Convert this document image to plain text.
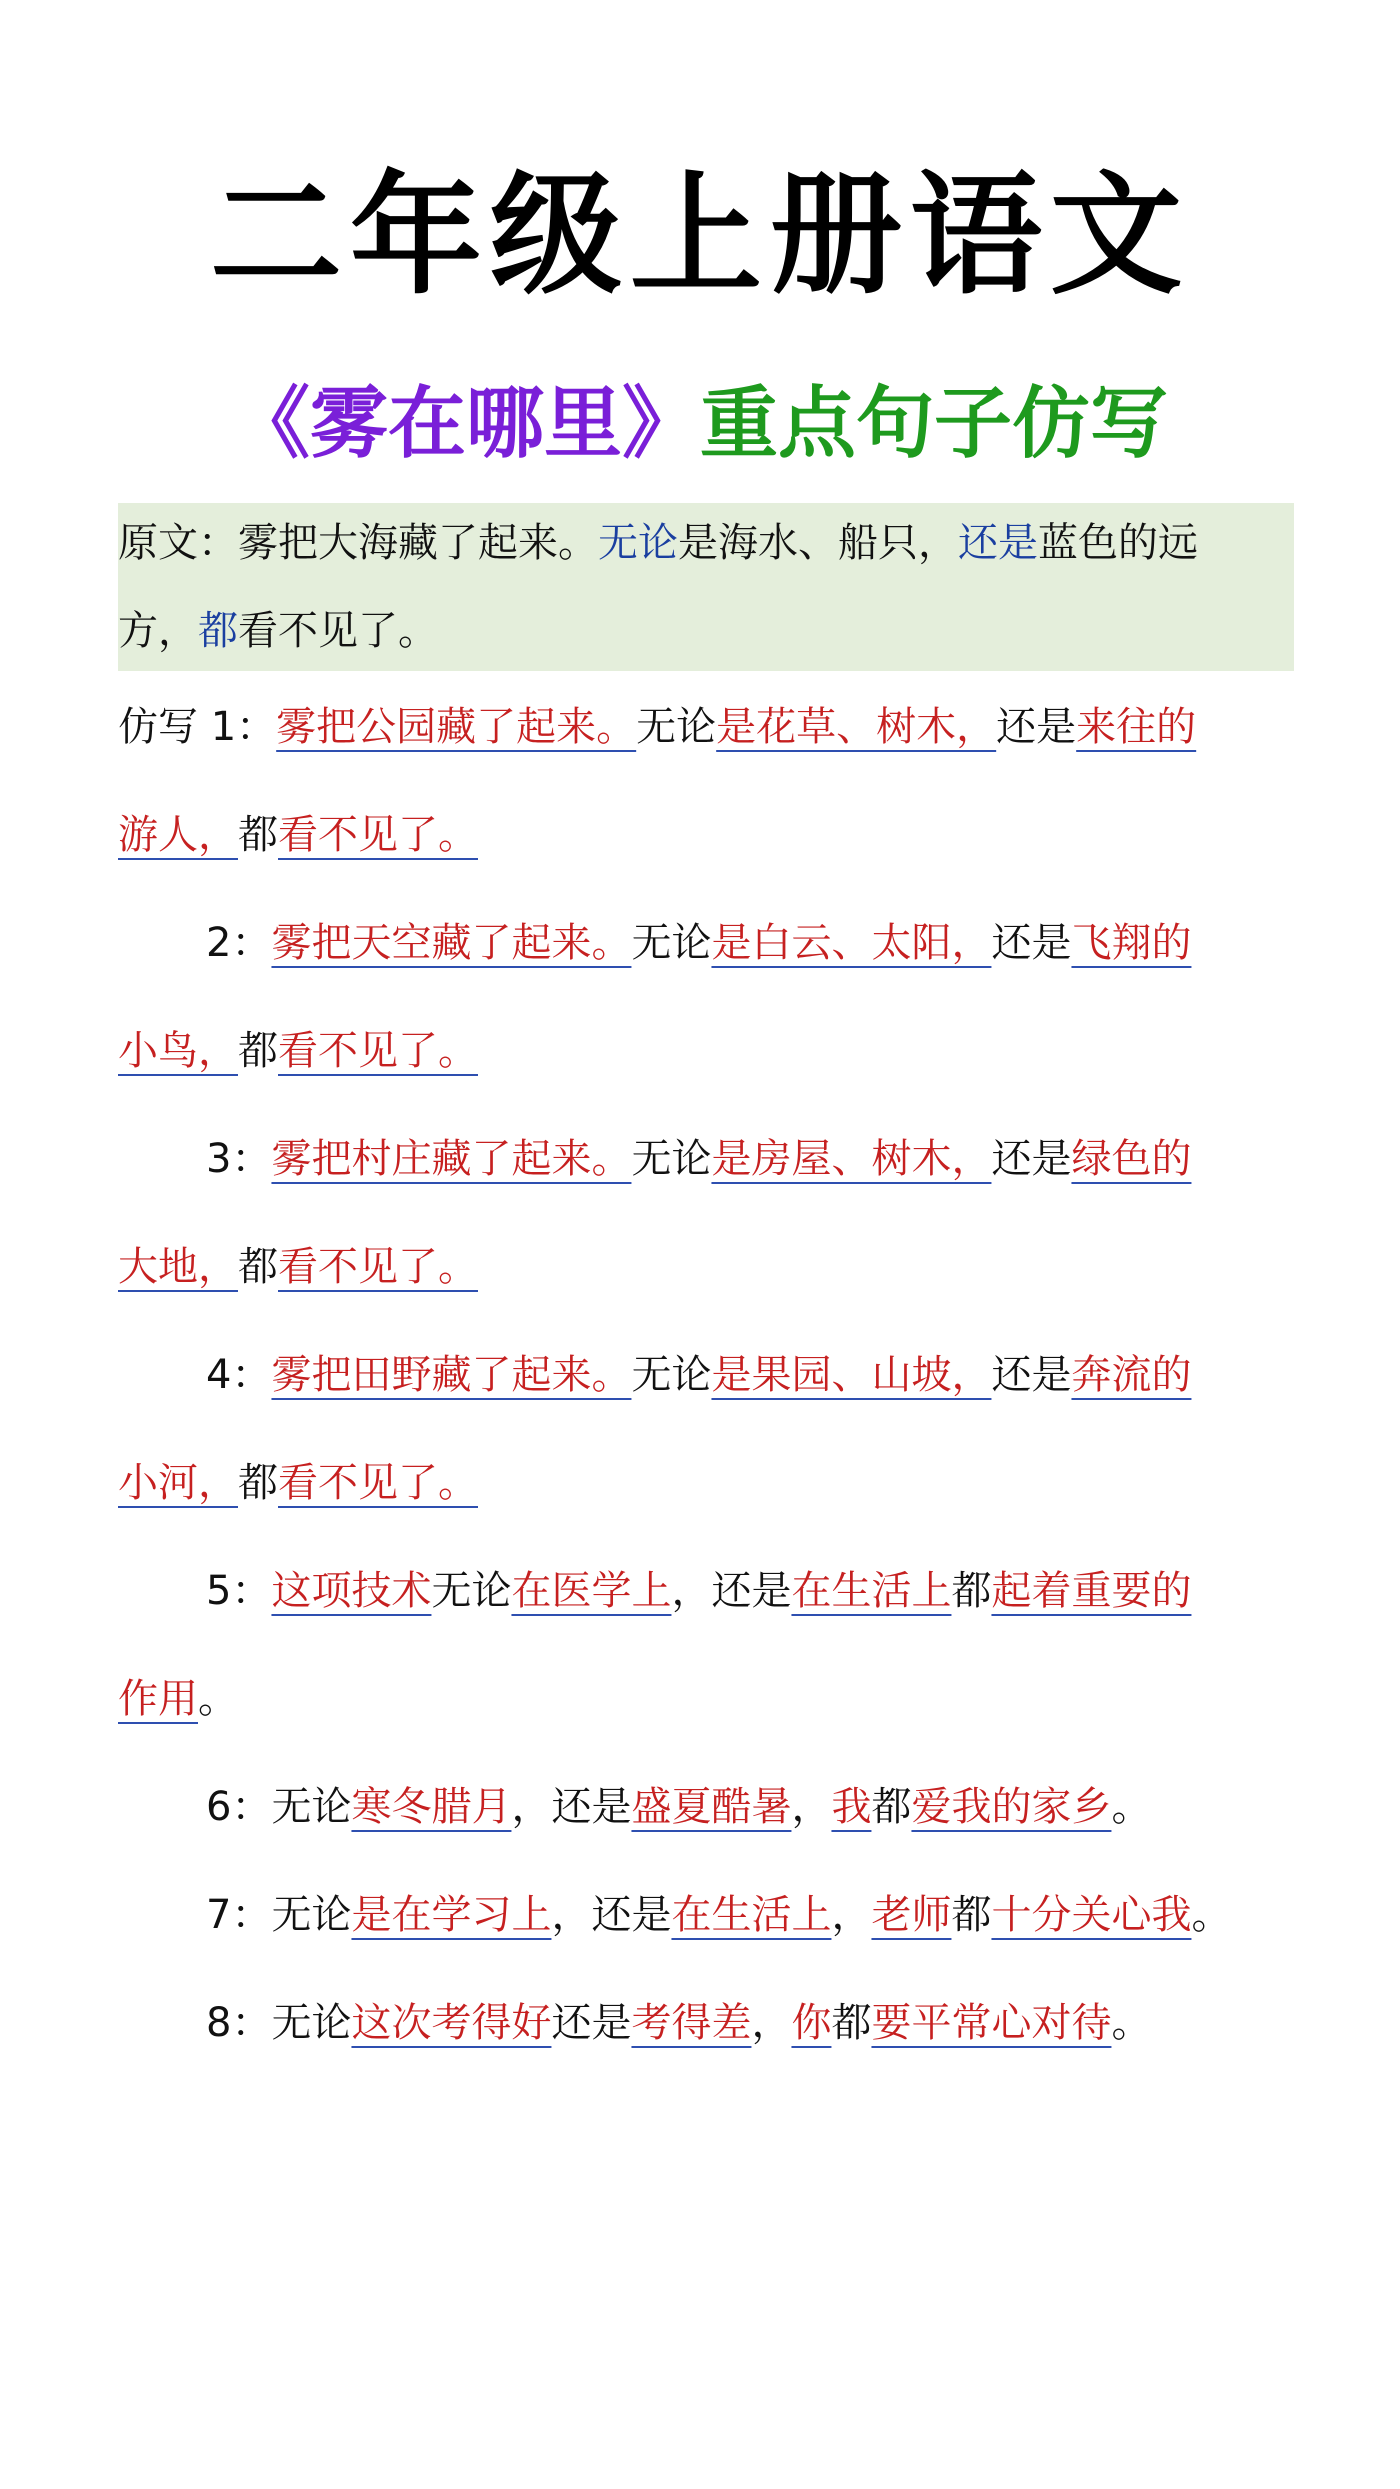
二年级上册语文
《雾在哪里》重点句子仿写
原文：雾把大海藏了起来。无论是海水、船只，还是蓝色的远
方，都看不见了。
仿写 1：雾把公园藏了起来。无论是花草、树木，还是来往的
游人，都看不见了。
2：雾把天空藏了起来。无论是白云、太阳，还是飞翔的
小鸟，都看不见了。
3：雾把村庄藏了起来。无论是房屋、树木，还是绿色的
大地，都看不见了。
4：雾把田野藏了起来。无论是果园、山坡，还是奔流的
小河，都看不见了。
5：这项技术无论在医学上，还是在生活上都起着重要的
作用。
6：无论寒冬腊月，还是盛夏酷暑，我都爱我的家乡。
7：无论是在学习上，还是在生活上，老师都十分关心我。
8：无论这次考得好还是考得差，你都要平常心对待。
